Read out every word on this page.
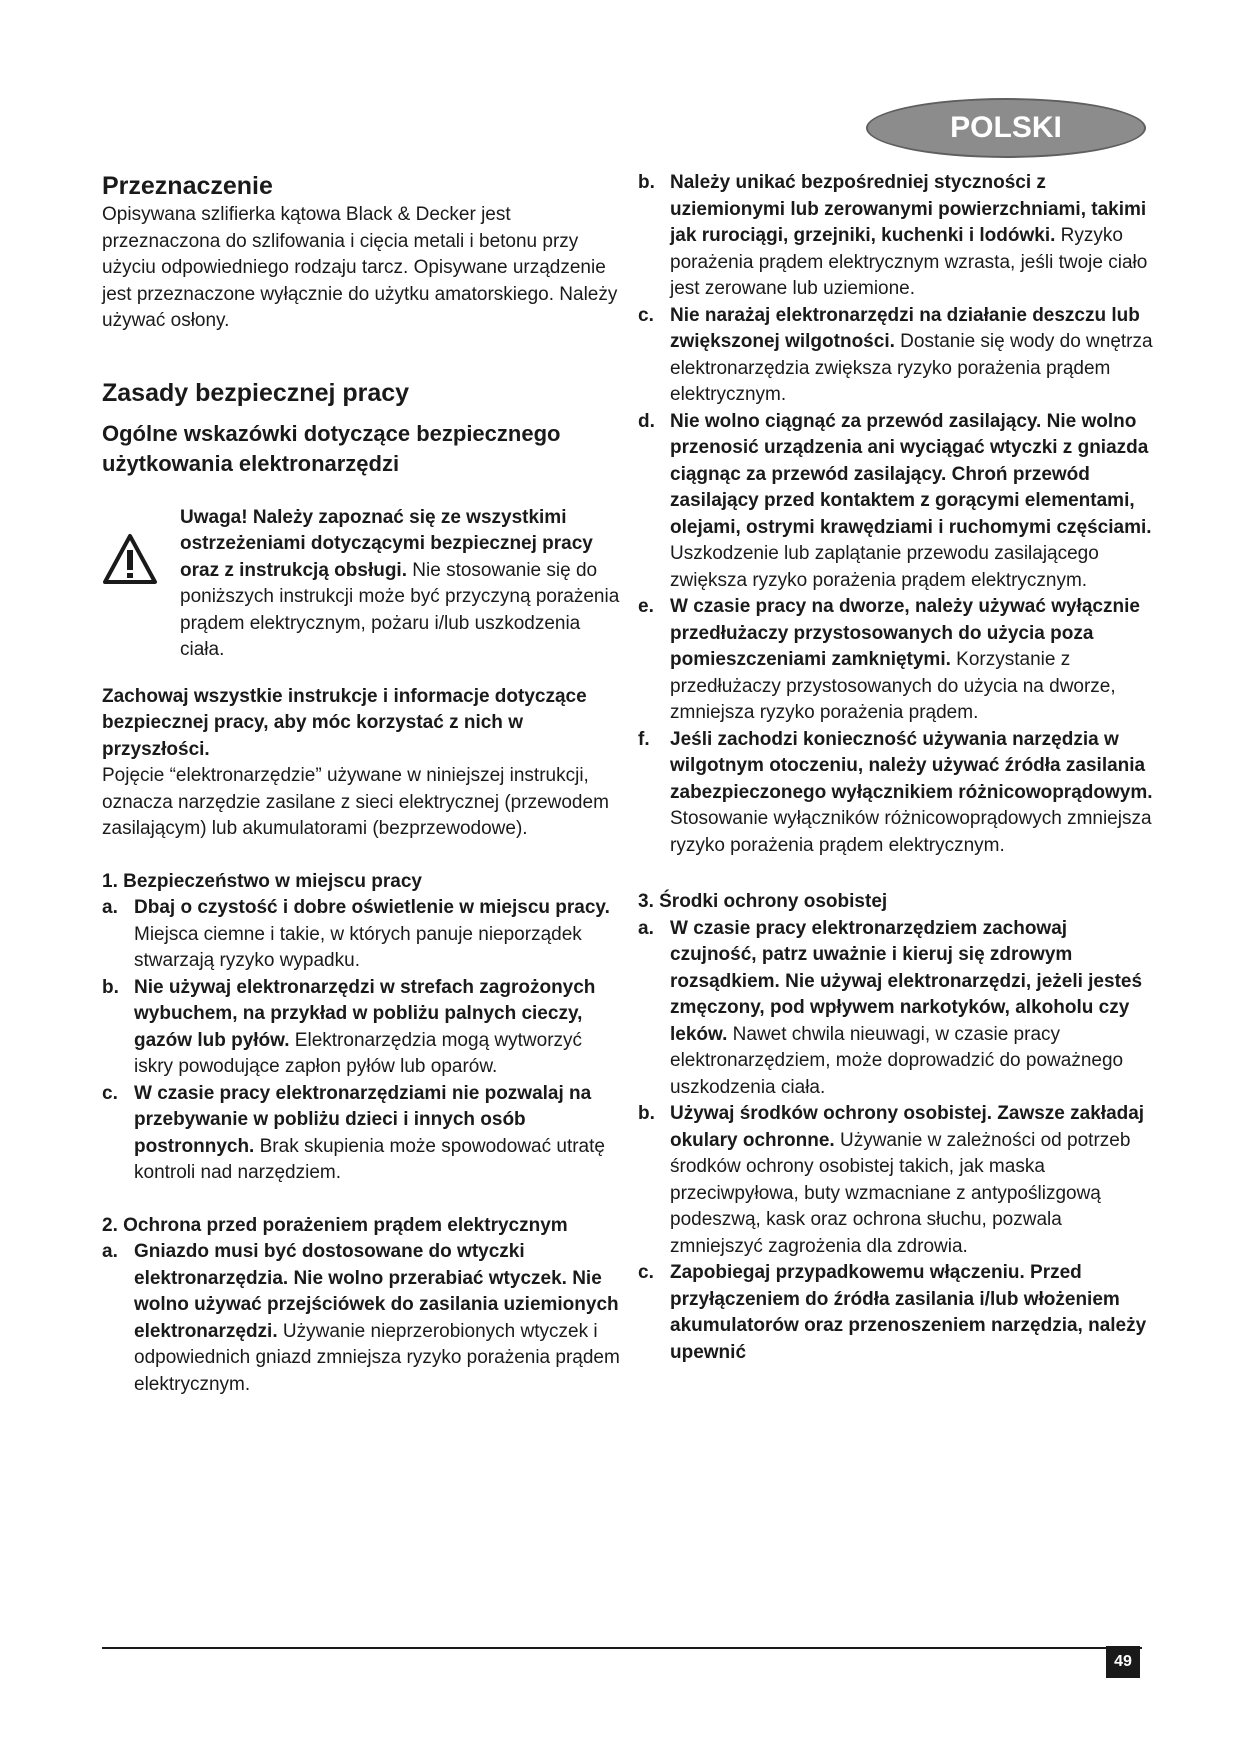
POLSKI
Przeznaczenie

Opisywana szlifierka kątowa Black & Decker jest przeznaczona do szlifowania i cięcia metali i betonu przy użyciu odpowiedniego rodzaju tarcz. Opisywane urządzenie jest przeznaczone wyłącznie do użytku amatorskiego. Należy używać osłony.

Zasady bezpiecznej pracy
Ogólne wskazówki dotyczące bezpiecznego użytkowania elektronarzędzi

Uwaga! Należy zapoznać się ze wszystkimi ostrzeżeniami dotyczącymi bezpiecznej pracy oraz z instrukcją obsługi. Nie stosowanie się do poniższych instrukcji może być przyczyną porażenia prądem elektrycznym, pożaru i/lub uszkodzenia ciała.

Zachowaj wszystkie instrukcje i informacje dotyczące bezpiecznej pracy, aby móc korzystać z nich w przyszłości.

Pojęcie “elektronarzędzie” używane w niniejszej instrukcji, oznacza narzędzie zasilane z sieci elektrycznej (przewodem zasilającym) lub akumulatorami (bezprzewodowe).

1. Bezpieczeństwo w miejscu pracy

a. Dbaj o czystość i dobre oświetlenie w miejscu pracy. Miejsca ciemne i takie, w których panuje nieporządek stwarzają ryzyko wypadku.

b. Nie używaj elektronarzędzi w strefach zagrożonych wybuchem, na przykład w pobliżu palnych cieczy, gazów lub pyłów. Elektronarzędzia mogą wytworzyć iskry powodujące zapłon pyłów lub oparów.

c. W czasie pracy elektronarzędziami nie pozwalaj na przebywanie w pobliżu dzieci i innych osób postronnych. Brak skupienia może spowodować utratę kontroli nad narzędziem.

2. Ochrona przed porażeniem prądem elektrycznym

a. Gniazdo musi być dostosowane do wtyczki elektronarzędzia. Nie wolno przerabiać wtyczek. Nie wolno używać przejściówek do zasilania uziemionych elektronarzędzi. Używanie nieprzerobionych wtyczek i odpowiednich gniazd zmniejsza ryzyko porażenia prądem elektrycznym.

b. Należy unikać bezpośredniej styczności z uziemionymi lub zerowanymi powierzchniami, takimi jak rurociągi, grzejniki, kuchenki i lodówki. Ryzyko porażenia prądem elektrycznym wzrasta, jeśli twoje ciało jest zerowane lub uziemione.

c. Nie narażaj elektronarzędzi na działanie deszczu lub zwiększonej wilgotności. Dostanie się wody do wnętrza elektronarzędzia zwiększa ryzyko porażenia prądem elektrycznym.

d. Nie wolno ciągnąć za przewód zasilający. Nie wolno przenosić urządzenia ani wyciągać wtyczki z gniazda ciągnąc za przewód zasilający. Chroń przewód zasilający przed kontaktem z gorącymi elementami, olejami, ostrymi krawędziami i ruchomymi częściami. Uszkodzenie lub zaplątanie przewodu zasilającego zwiększa ryzyko porażenia prądem elektrycznym.

e. W czasie pracy na dworze, należy używać wyłącznie przedłużaczy przystosowanych do użycia poza pomieszczeniami zamkniętymi. Korzystanie z przedłużaczy przystosowanych do użycia na dworze, zmniejsza ryzyko porażenia prądem.

f.	Jeśli zachodzi konieczność używania narzędzia w wilgotnym otoczeniu, należy używać źródła zasilania zabezpieczonego wyłącznikiem różnicowoprądowym. Stosowanie wyłączników różnicowoprądowych zmniejsza ryzyko porażenia prądem elektrycznym.

3. Środki ochrony osobistej

a. W czasie pracy elektronarzędziem zachowaj czujność, patrz uważnie i kieruj się zdrowym rozsądkiem. Nie używaj elektronarzędzi, jeżeli jesteś zmęczony, pod wpływem narkotyków, alkoholu czy leków. Nawet chwila nieuwagi, w czasie pracy elektronarzędziem, może doprowadzić do poważnego uszkodzenia ciała.

b. Używaj środków ochrony osobistej. Zawsze zakładaj okulary ochronne. Używanie w zależności od potrzeb środków ochrony osobistej takich, jak maska przeciwpyłowa, buty wzmacniane z antypoślizgową podeszwą, kask oraz ochrona słuchu, pozwala zmniejszyć zagrożenia dla zdrowia.

c. Zapobiegaj przypadkowemu włączeniu. Przed przyłączeniem do źródła zasilania i/lub włożeniem akumulatorów oraz przenoszeniem narzędzia, należy upewnić

49
